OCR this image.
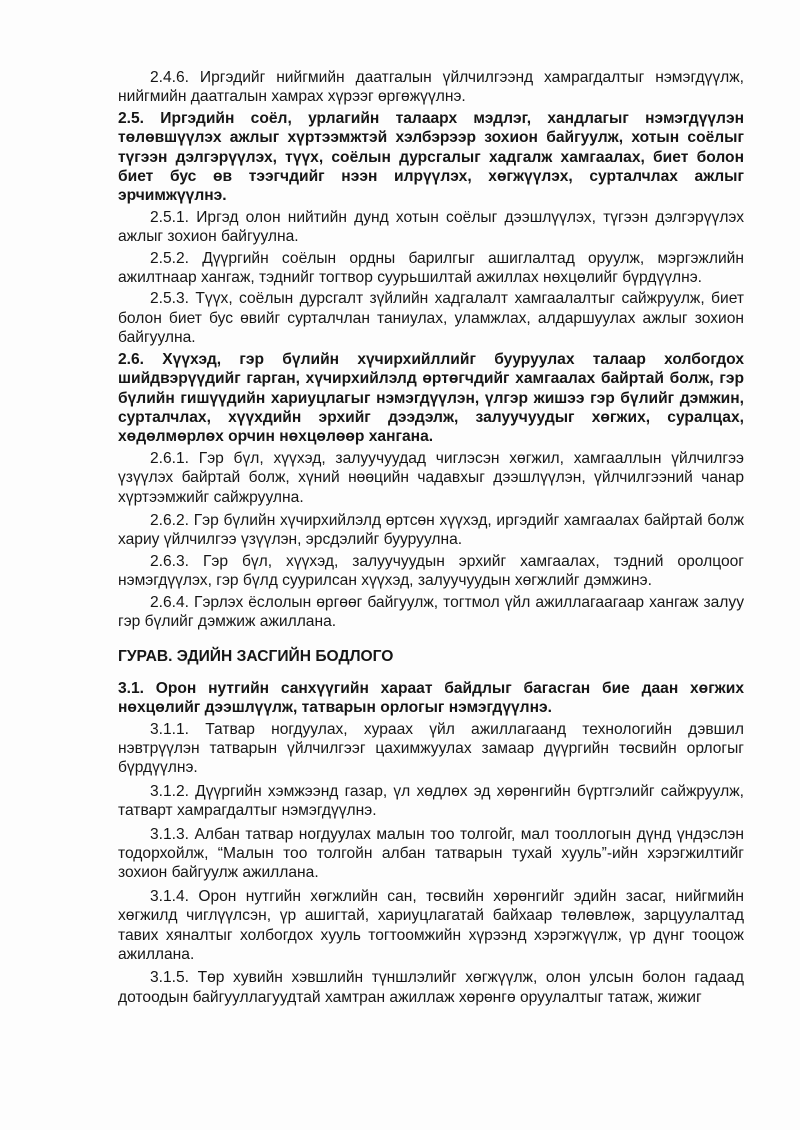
2.4.6. Иргэдийг нийгмийн даатгалын үйлчилгээнд хамрагдалтыг нэмэгдүүлж, нийгмийн даатгалын хамрах хүрээг өргөжүүлнэ.

2.5. Иргэдийн соёл, урлагийн талаарх мэдлэг, хандлагыг нэмэгдүүлэн төлөвшүүлэх ажлыг хүртээмжтэй хэлбэрээр зохион байгуулж, хотын соёлыг түгээн дэлгэрүүлэх, түүх, соёлын дурсгалыг хадгалж хамгаалах, биет болон биет бус өв тээгчдийг нээн илрүүлэх, хөгжүүлэх, сурталчлах ажлыг эрчимжүүлнэ.

2.5.1. Иргэд олон нийтийн дунд хотын соёлыг дээшлүүлэх, түгээн дэлгэрүүлэх ажлыг зохион байгуулна.

2.5.2. Дүүргийн соёлын ордны барилгыг ашиглалтад оруулж, мэргэжлийн ажилтнаар хангаж, тэднийг тогтвор суурьшилтай ажиллах нөхцөлийг бүрдүүлнэ.

2.5.3. Түүх, соёлын дурсгалт зүйлийн хадгалалт хамгаалалтыг сайжруулж, биет болон биет бус өвийг сурталчлан таниулах, уламжлах, алдаршуулах ажлыг зохион байгуулна.

2.6. Хүүхэд, гэр бүлийн хүчирхийллийг бууруулах талаар холбогдох шийдвэрүүдийг гарган, хүчирхийлэлд өртөгчдийг хамгаалах байртай болж, гэр бүлийн гишүүдийн хариуцлагыг нэмэгдүүлэн, үлгэр жишээ гэр бүлийг дэмжин, сурталчлах, хүүхдийн эрхийг дээдэлж, залуучуудыг хөгжих, суралцах, хөдөлмөрлөх орчин нөхцөлөөр хангана.

2.6.1. Гэр бүл, хүүхэд, залуучуудад чиглэсэн хөгжил, хамгааллын үйлчилгээ үзүүлэх байртай болж, хүний нөөцийн чадавхыг дээшлүүлэн, үйлчилгээний чанар хүртээмжийг сайжруулна.

2.6.2. Гэр бүлийн хүчирхийлэлд өртсөн хүүхэд, иргэдийг хамгаалах байртай болж хариу үйлчилгээ үзүүлэн, эрсдэлийг бууруулна.

2.6.3. Гэр бүл, хүүхэд, залуучуудын эрхийг хамгаалах, тэдний оролцоог нэмэгдүүлэх, гэр бүлд суурилсан хүүхэд, залуучуудын хөгжлийг дэмжинэ.

2.6.4. Гэрлэх ёслолын өргөөг байгуулж, тогтмол үйл ажиллагаагаар хангаж залуу гэр бүлийг дэмжиж ажиллана.

ГУРАВ. ЭДИЙН ЗАСГИЙН БОДЛОГО

3.1. Орон нутгийн санхүүгийн хараат байдлыг багасган бие даан хөгжих нөхцөлийг дээшлүүлж, татварын орлогыг нэмэгдүүлнэ.

3.1.1. Татвар ногдуулах, хураах үйл ажиллагаанд технологийн дэвшил нэвтрүүлэн татварын үйлчилгээг цахимжуулах замаар дүүргийн төсвийн орлогыг бүрдүүлнэ.

3.1.2. Дүүргийн хэмжээнд газар, үл хөдлөх эд хөрөнгийн бүртгэлийг сайжруулж, татварт хамрагдалтыг нэмэгдүүлнэ.

3.1.3. Албан татвар ногдуулах малын тоо толгойг, мал тооллогын дүнд үндэслэн тодорхойлж, “Малын тоо толгойн албан татварын тухай хууль”-ийн хэрэгжилтийг зохион байгуулж ажиллана.

3.1.4. Орон нутгийн хөгжлийн сан, төсвийн хөрөнгийг эдийн засаг, нийгмийн хөгжилд чиглүүлсэн, үр ашигтай, хариуцлагатай байхаар төлөвлөж, зарцуулалтад тавих хяналтыг холбогдох хууль тогтоомжийн хүрээнд хэрэгжүүлж, үр дүнг тооцож ажиллана.

3.1.5. Төр хувийн хэвшлийн түншлэлийг хөгжүүлж, олон улсын болон гадаад дотоодын байгууллагуудтай хамтран ажиллаж хөрөнгө оруулалтыг татаж, жижиг
